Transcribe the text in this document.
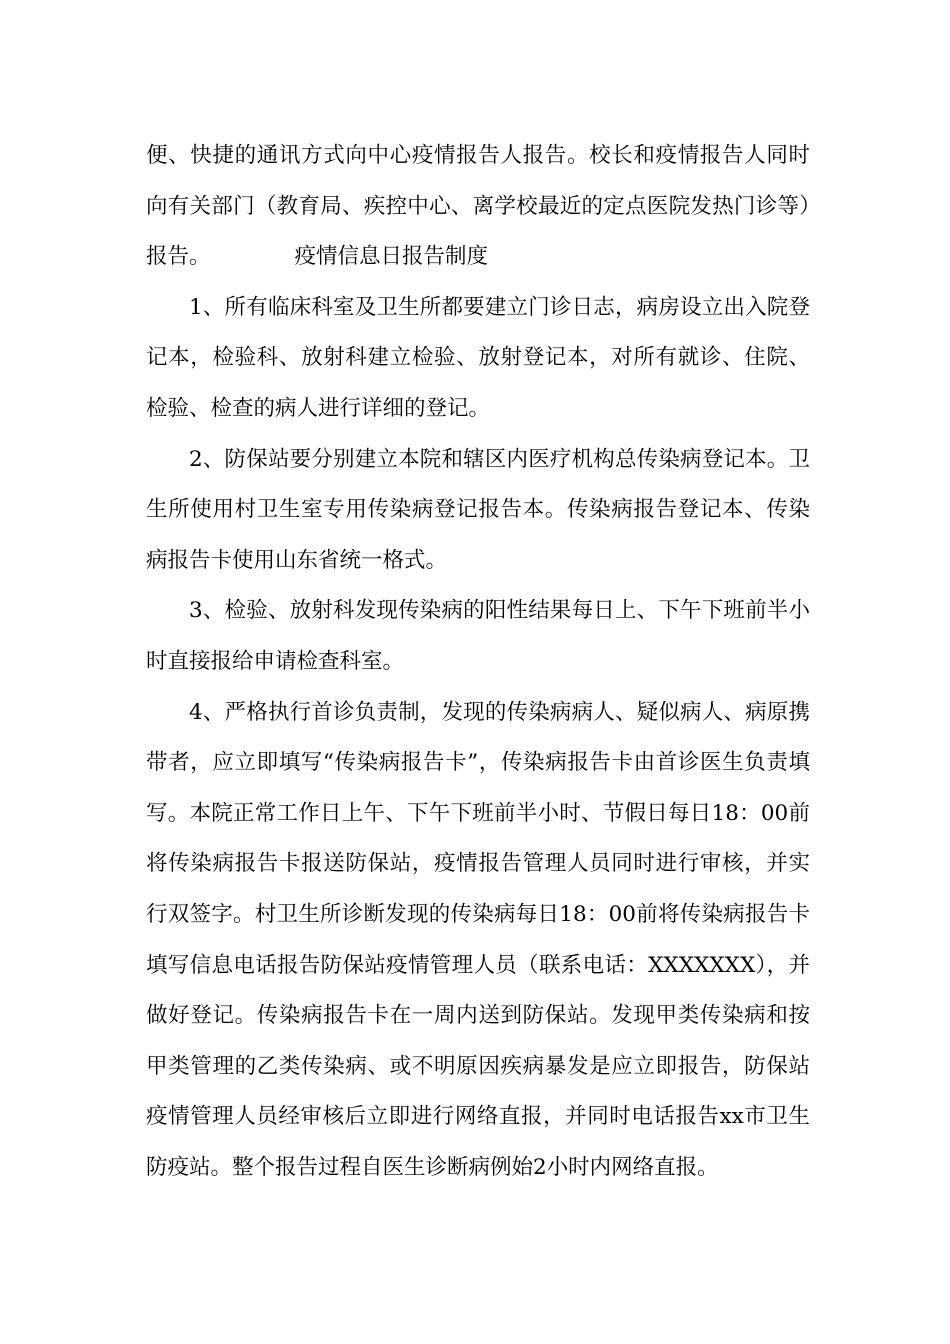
便、快捷的通讯方式向中心疫情报告人报告。校长和疫情报告人同时向有关部门（教育局、疾控中心、离学校最近的定点医院发热门诊等）报告。	疫情信息日报告制度

1、所有临床科室及卫生所都要建立门诊日志，病房设立出入院登记本，检验科、放射科建立检验、放射登记本，对所有就诊、住院、检验、检查的病人进行详细的登记。

2、防保站要分别建立本院和辖区内医疗机构总传染病登记本。卫生所使用村卫生室专用传染病登记报告本。传染病报告登记本、传染病报告卡使用山东省统一格式。

3、检验、放射科发现传染病的阳性结果每日上、下午下班前半小时直接报给申请检查科室。

4、严格执行首诊负责制，发现的传染病病人、疑似病人、病原携带者，应立即填写“传染病报告卡”，传染病报告卡由首诊医生负责填写。本院正常工作日上午、下午下班前半小时、节假日每日18：00前将传染病报告卡报送防保站，疫情报告管理人员同时进行审核，并实行双签字。村卫生所诊断发现的传染病每日18：00前将传染病报告卡填写信息电话报告防保站疫情管理人员（联系电话：XXXXXXX），并做好登记。传染病报告卡在一周内送到防保站。发现甲类传染病和按甲类管理的乙类传染病、或不明原因疾病暴发是应立即报告，防保站疫情管理人员经审核后立即进行网络直报，并同时电话报告xx市卫生防疫站。整个报告过程自医生诊断病例始2小时内网络直报。
